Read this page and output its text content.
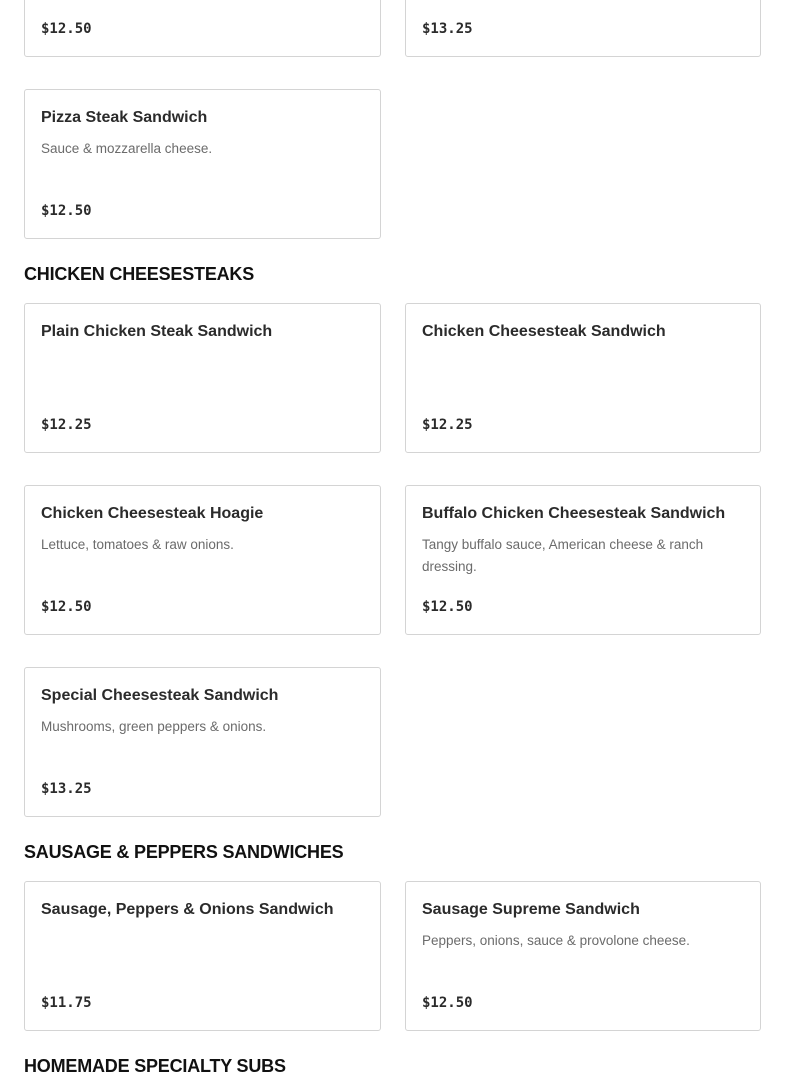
$12.50	$13.25
Pizza Steak Sandwich
Sauce & mozzarella cheese.
$12.50
CHICKEN CHEESESTEAKS
Plain Chicken Steak Sandwich
$12.25
Chicken Cheesesteak Sandwich
$12.25
Chicken Cheesesteak Hoagie
Lettuce, tomatoes & raw onions.
$12.50
Buffalo Chicken Cheesesteak Sandwich
Tangy buffalo sauce, American cheese & ranch dressing.
$12.50
Special Cheesesteak Sandwich
Mushrooms, green peppers & onions.
$13.25
SAUSAGE & PEPPERS SANDWICHES
Sausage, Peppers & Onions Sandwich
$11.75
Sausage Supreme Sandwich
Peppers, onions, sauce & provolone cheese.
$12.50
HOMEMADE SPECIALTY SUBS
